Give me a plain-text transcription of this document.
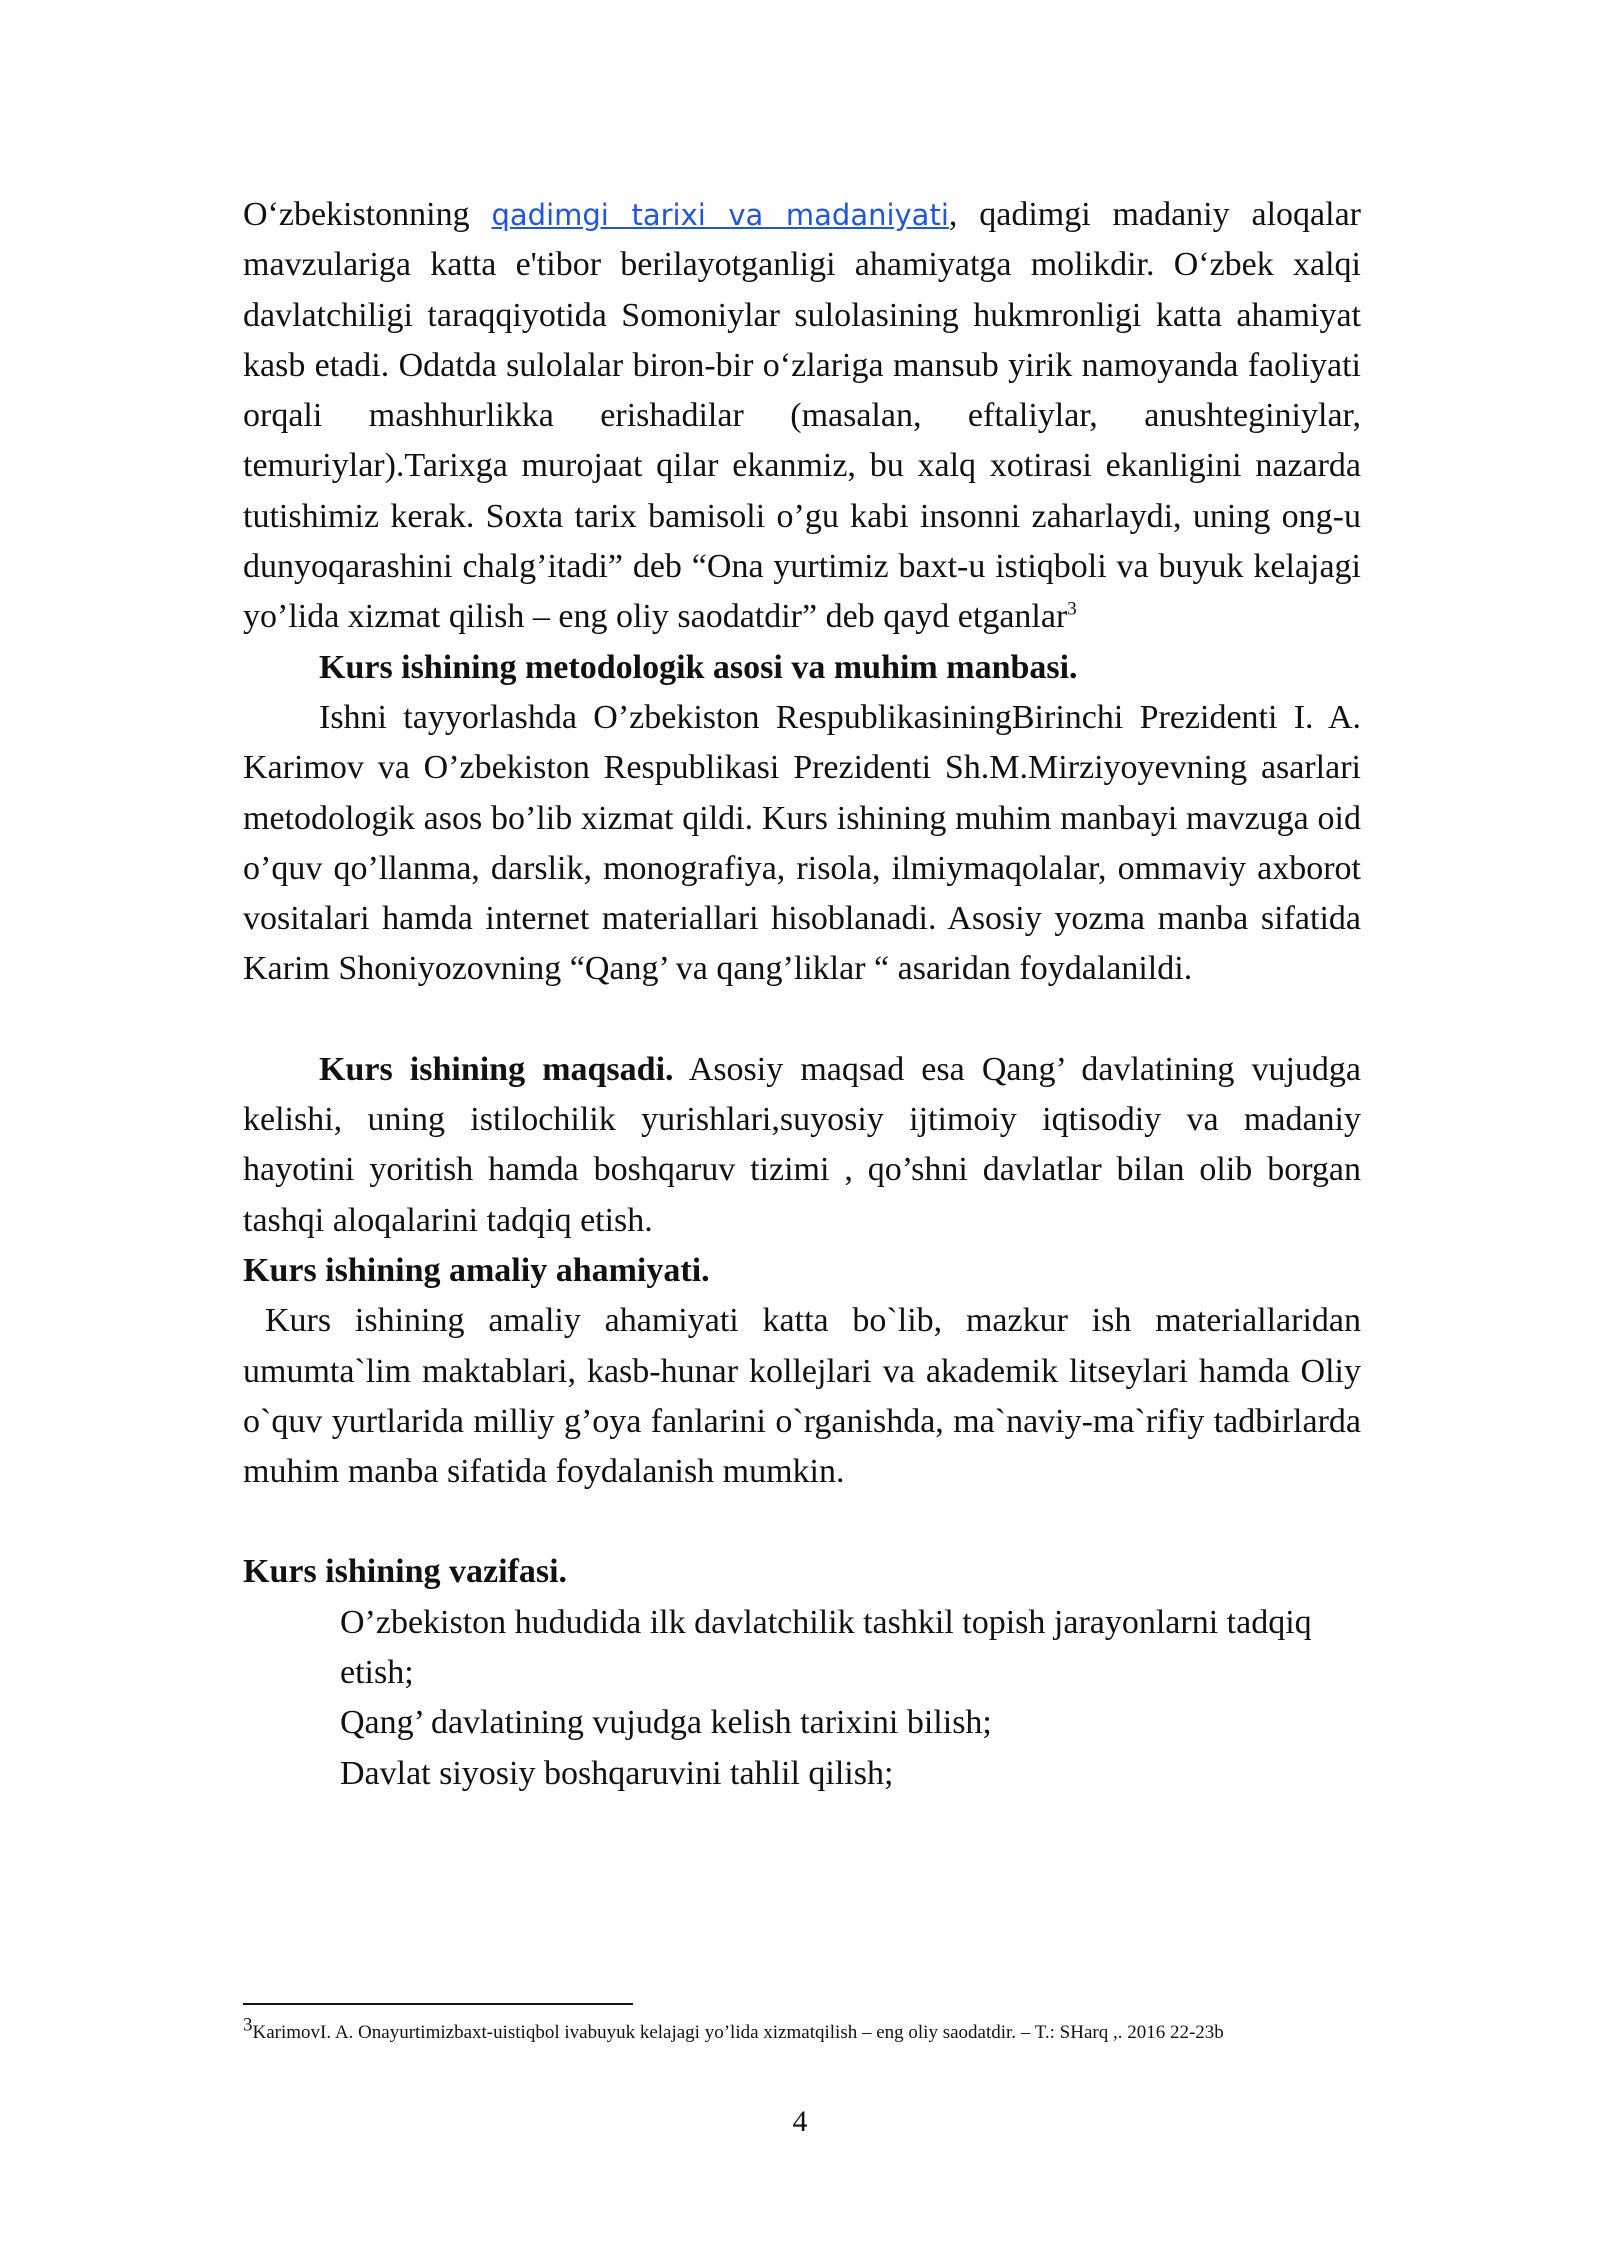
O‘zbekistonning qadimgi tarixi va madaniyati, qadimgi madaniy aloqalar mavzulariga katta e'tibor berilayotganligi ahamiyatga molikdir. O‘zbek xalqi davlatchiligi taraqqiyotida Somoniylar sulolasining hukmronligi katta ahamiyat kasb etadi. Odatda sulolalar biron-bir o‘zlariga mansub yirik namoyanda faoliyati orqali mashhurlikka erishadilar (masalan, eftaliylar, anushteginiylar, temuriylar).Tarixga murojaat qilar ekanmiz, bu xalq xotirasi ekanligini nazarda tutishimiz kerak. Soxta tarix bamisoli o’gu kabi insonni zaharlaydi, uning ong-u dunyoqarashini chalg’itadi” deb “Ona yurtimiz baxt-u istiqboli va buyuk kelajagi yo’lida xizmat qilish – eng oliy saodatdir” deb qayd etganlar$^3$

Kurs ishining metodologik asosi va muhim manbasi.

Ishni tayyorlashda O’zbekiston RespublikasiningBirinchi Prezidenti I. A. Karimov va O’zbekiston Respublikasi Prezidenti Sh.M.Mirziyoyevning asarlari metodologik asos bo’lib xizmat qildi. Kurs ishining muhim manbayi mavzuga oid o’quv qo’llanma, darslik, monografiya, risola, ilmiymaqolalar, ommaviy axborot vositalari hamda internet materiallari hisoblanadi. Asosiy yozma manba sifatida Karim Shoniyozovning “Qang’ va qang’liklar “ asaridan foydalanildi.

Kurs ishining maqsadi. Asosiy maqsad esa Qang’ davlatining vujudga kelishi, uning istilochilik yurishlari,suyosiy ijtimoiy iqtisodiy va madaniy hayotini yoritish hamda boshqaruv tizimi , qo’shni davlatlar bilan olib borgan tashqi aloqalarini tadqiq etish.

Kurs ishining amaliy ahamiyati.

Kurs ishining amaliy ahamiyati katta bo`lib, mazkur ish materiallaridan umumta`lim maktablari, kasb-hunar kollejlari va akademik litseylari hamda Oliy o`quv yurtlarida milliy g’oya fanlarini o`rganishda, ma`naviy-ma`rifiy tadbirlarda muhim manba sifatida foydalanish mumkin.

Kurs ishining vazifasi.

O’zbekiston hududida ilk davlatchilik tashkil topish jarayonlarni tadqiq etish;

Qang’ davlatining vujudga kelish tarixini bilish;

Davlat siyosiy boshqaruvini tahlil qilish;

$^3$KarimovI. A. Onayurtimizbaxt-uistiqbol ivabuyuk kelajagi yo’lida xizmatqilish – eng oliy saodatdir. – T.: SHarq ,. 2016 22-23b
4
